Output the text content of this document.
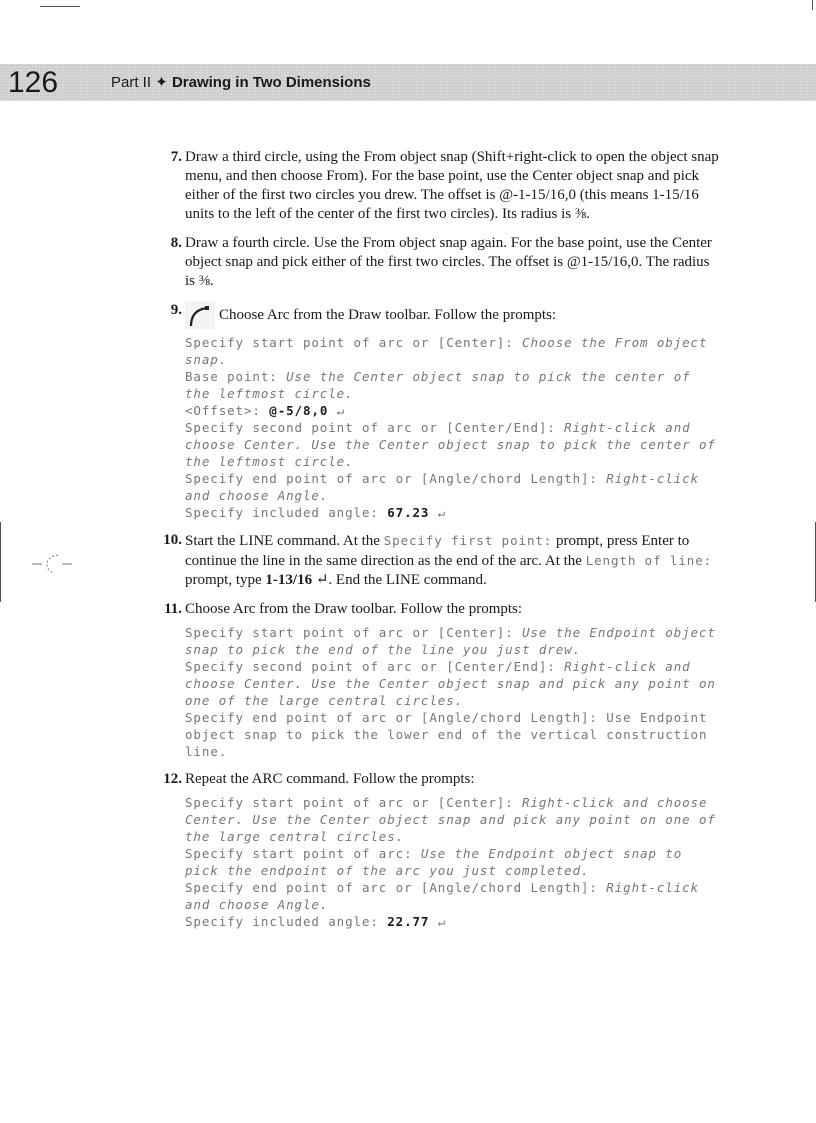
126	Part II ✦ Drawing in Two Dimensions
7. Draw a third circle, using the From object snap (Shift+right-click to open the object snap menu, and then choose From). For the base point, use the Center object snap and pick either of the first two circles you drew. The offset is @-1-15/16,0 (this means 1-15/16 units to the left of the center of the first two circles). Its radius is ⅜.
8. Draw a fourth circle. Use the From object snap again. For the base point, use the Center object snap and pick either of the first two circles. The offset is @1-15/16,0. The radius is ⅜.
9.	Choose Arc from the Draw toolbar. Follow the prompts:
Specify start point of arc or [Center]: Choose the From object snap.
Base point: Use the Center object snap to pick the center of the leftmost circle.
<Offset>: @-5/8,0 ↵
Specify second point of arc or [Center/End]: Right-click and choose Center. Use the Center object snap to pick the center of the leftmost circle.
Specify end point of arc or [Angle/chord Length]: Right-click and choose Angle.
Specify included angle: 67.23 ↵
10. Start the LINE command. At the Specify first point: prompt, press Enter to continue the line in the same direction as the end of the arc. At the Length of line: prompt, type 1-13/16 ↵. End the LINE command.
11. Choose Arc from the Draw toolbar. Follow the prompts:
Specify start point of arc or [Center]: Use the Endpoint object snap to pick the end of the line you just drew.
Specify second point of arc or [Center/End]: Right-click and choose Center. Use the Center object snap and pick any point on one of the large central circles.
Specify end point of arc or [Angle/chord Length]: Use Endpoint object snap to pick the lower end of the vertical construction line.
12. Repeat the ARC command. Follow the prompts:
Specify start point of arc or [Center]: Right-click and choose Center. Use the Center object snap and pick any point on one of the large central circles.
Specify start point of arc: Use the Endpoint object snap to pick the endpoint of the arc you just completed.
Specify end point of arc or [Angle/chord Length]: Right-click and choose Angle.
Specify included angle: 22.77 ↵
